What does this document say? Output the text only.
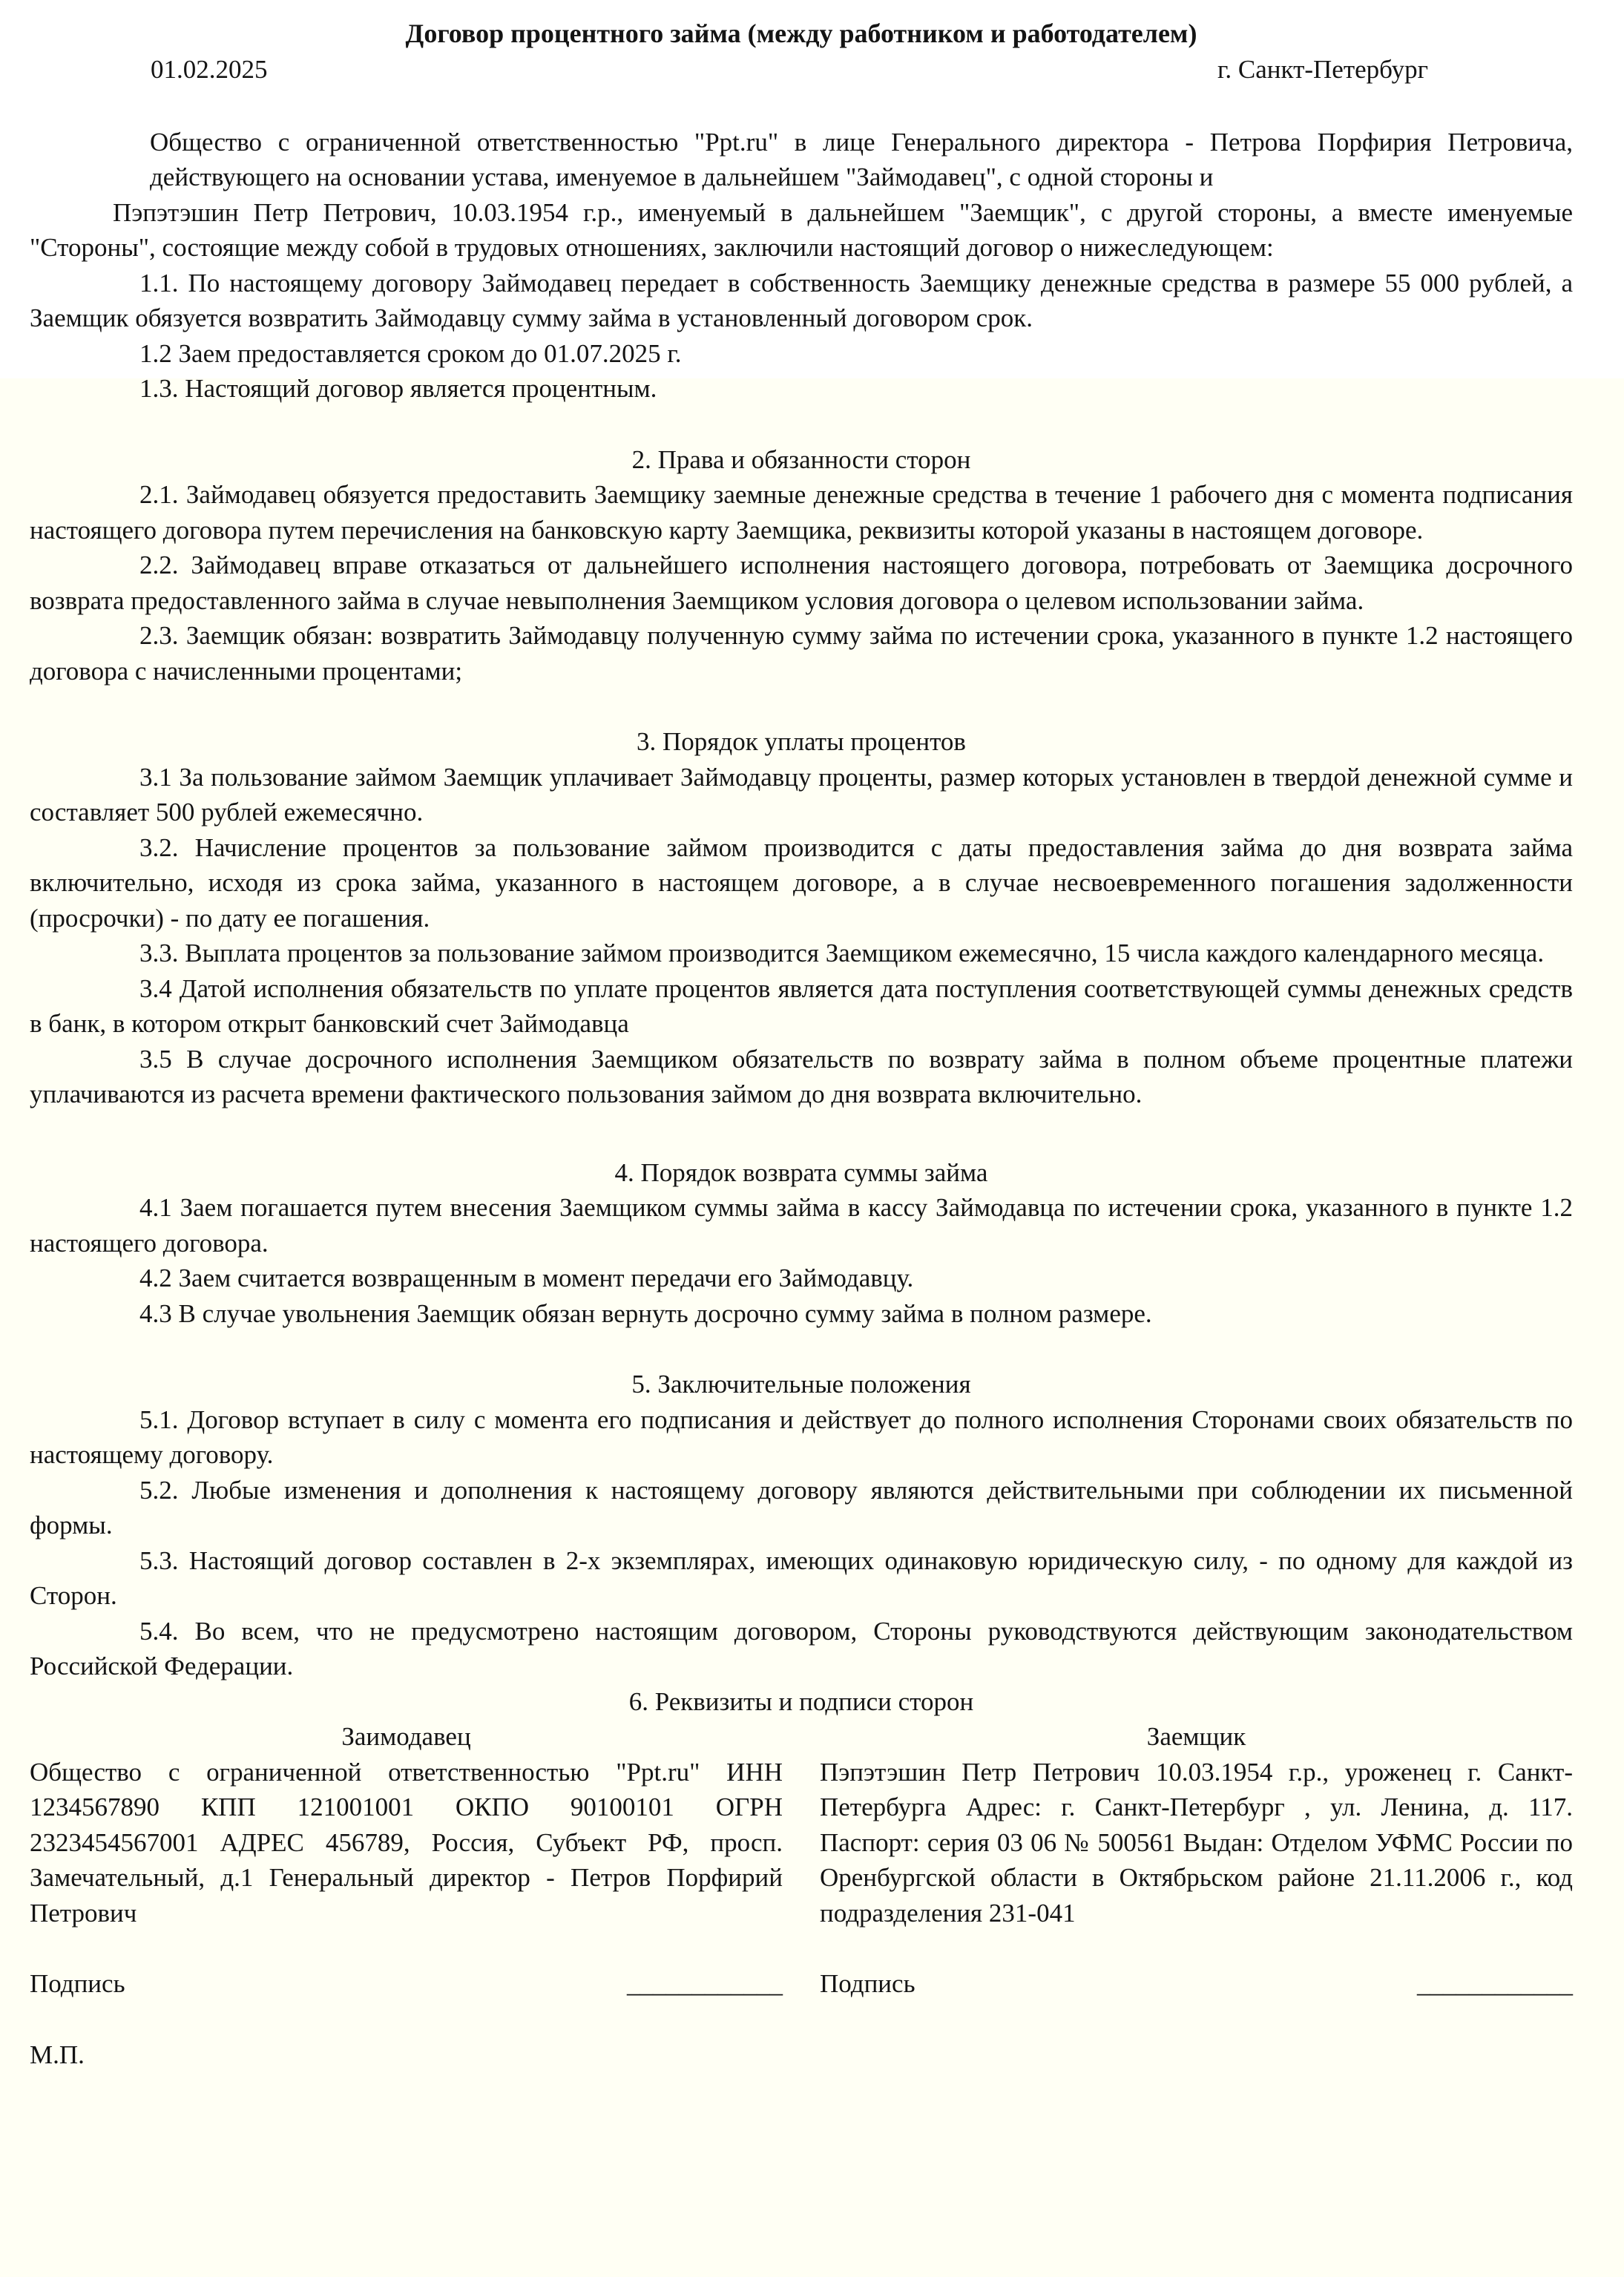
Договор процентного займа (между работником и работодателем)
01.02.2025	г. Санкт-Петербург

Общество с ограниченной ответственностью "Ppt.ru" в лице Генерального директора - Петрова Порфирия Петровича, действующего на основании устава, именуемое в дальнейшем "Займодавец", с одной стороны и

Пэпэтэшин Петр Петрович, 10.03.1954 г.р., именуемый в дальнейшем "Заемщик", с другой стороны, а вместе именуемые "Стороны", состоящие между собой в трудовых отношениях, заключили настоящий договор о нижеследующем:

1.1. По настоящему договору Займодавец передает в собственность Заемщику денежные средства в размере 55 000 рублей, а Заемщик обязуется возвратить Займодавцу сумму займа в установленный договором срок.

1.2 Заем предоставляется сроком до 01.07.2025 г.

1.3. Настоящий договор является процентным.

2. Права и обязанности сторон

2.1. Займодавец обязуется предоставить Заемщику заемные денежные средства в течение 1 рабочего дня с момента подписания настоящего договора путем перечисления на банковскую карту Заемщика, реквизиты которой указаны в настоящем договоре.

2.2. Займодавец вправе отказаться от дальнейшего исполнения настоящего договора, потребовать от Заемщика досрочного возврата предоставленного займа в случае невыполнения Заемщиком условия договора о целевом использовании займа.

2.3. Заемщик обязан: возвратить Займодавцу полученную сумму займа по истечении срока, указанного в пункте 1.2 настоящего договора с начисленными процентами;

3. Порядок уплаты процентов

3.1 За пользование займом Заемщик уплачивает Займодавцу проценты, размер которых установлен в твердой денежной сумме и составляет 500 рублей ежемесячно.

3.2. Начисление процентов за пользование займом производится с даты предоставления займа до дня возврата займа включительно, исходя из срока займа, указанного в настоящем договоре, а в случае несвоевременного погашения задолженности (просрочки) - по дату ее погашения.

3.3. Выплата процентов за пользование займом производится Заемщиком ежемесячно, 15 числа каждого календарного месяца.

3.4 Датой исполнения обязательств по уплате процентов является дата поступления соответствующей суммы денежных средств в банк, в котором открыт банковский счет Займодавца

3.5 В случае досрочного исполнения Заемщиком обязательств по возврату займа в полном объеме процентные платежи уплачиваются из расчета времени фактического пользования займом до дня возврата включительно.

4. Порядок возврата суммы займа

4.1 Заем погашается путем внесения Заемщиком суммы займа в кассу Займодавца по истечении срока, указанного в пункте 1.2 настоящего договора.

4.2 Заем считается возвращенным в момент передачи его Займодавцу.

4.3 В случае увольнения Заемщик обязан вернуть досрочно сумму займа в полном размере.

5. Заключительные положения

5.1. Договор вступает в силу с момента его подписания и действует до полного исполнения Сторонами своих обязательств по настоящему договору.

5.2. Любые изменения и дополнения к настоящему договору являются действительными при соблюдении их письменной формы.

5.3. Настоящий договор составлен в 2-х экземплярах, имеющих одинаковую юридическую силу, - по одному для каждой из Сторон.

5.4. Во всем, что не предусмотрено настоящим договором, Стороны руководствуются действующим законодательством Российской Федерации.

6. Реквизиты и подписи сторон
Заимодавец

Общество с ограниченной ответственностью "Ppt.ru" ИНН 1234567890 КПП 121001001 ОКПО 90100101 ОГРН 2323454567001 АДРЕС 456789, Россия, Субъект РФ, просп. Замечательный, д.1 Генеральный директор - Петров Порфирий Петрович

Подпись ____________

М.П.

Заемщик

Пэпэтэшин Петр Петрович 10.03.1954 г.р., уроженец г. Санкт-Петербурга Адрес: г. Санкт-Петербург , ул. Ленина, д. 117. Паспорт: серия 03 06 № 500561 Выдан: Отделом УФМС России по Оренбургской области в Октябрьском районе 21.11.2006 г., код подразделения 231-041

Подпись ____________
